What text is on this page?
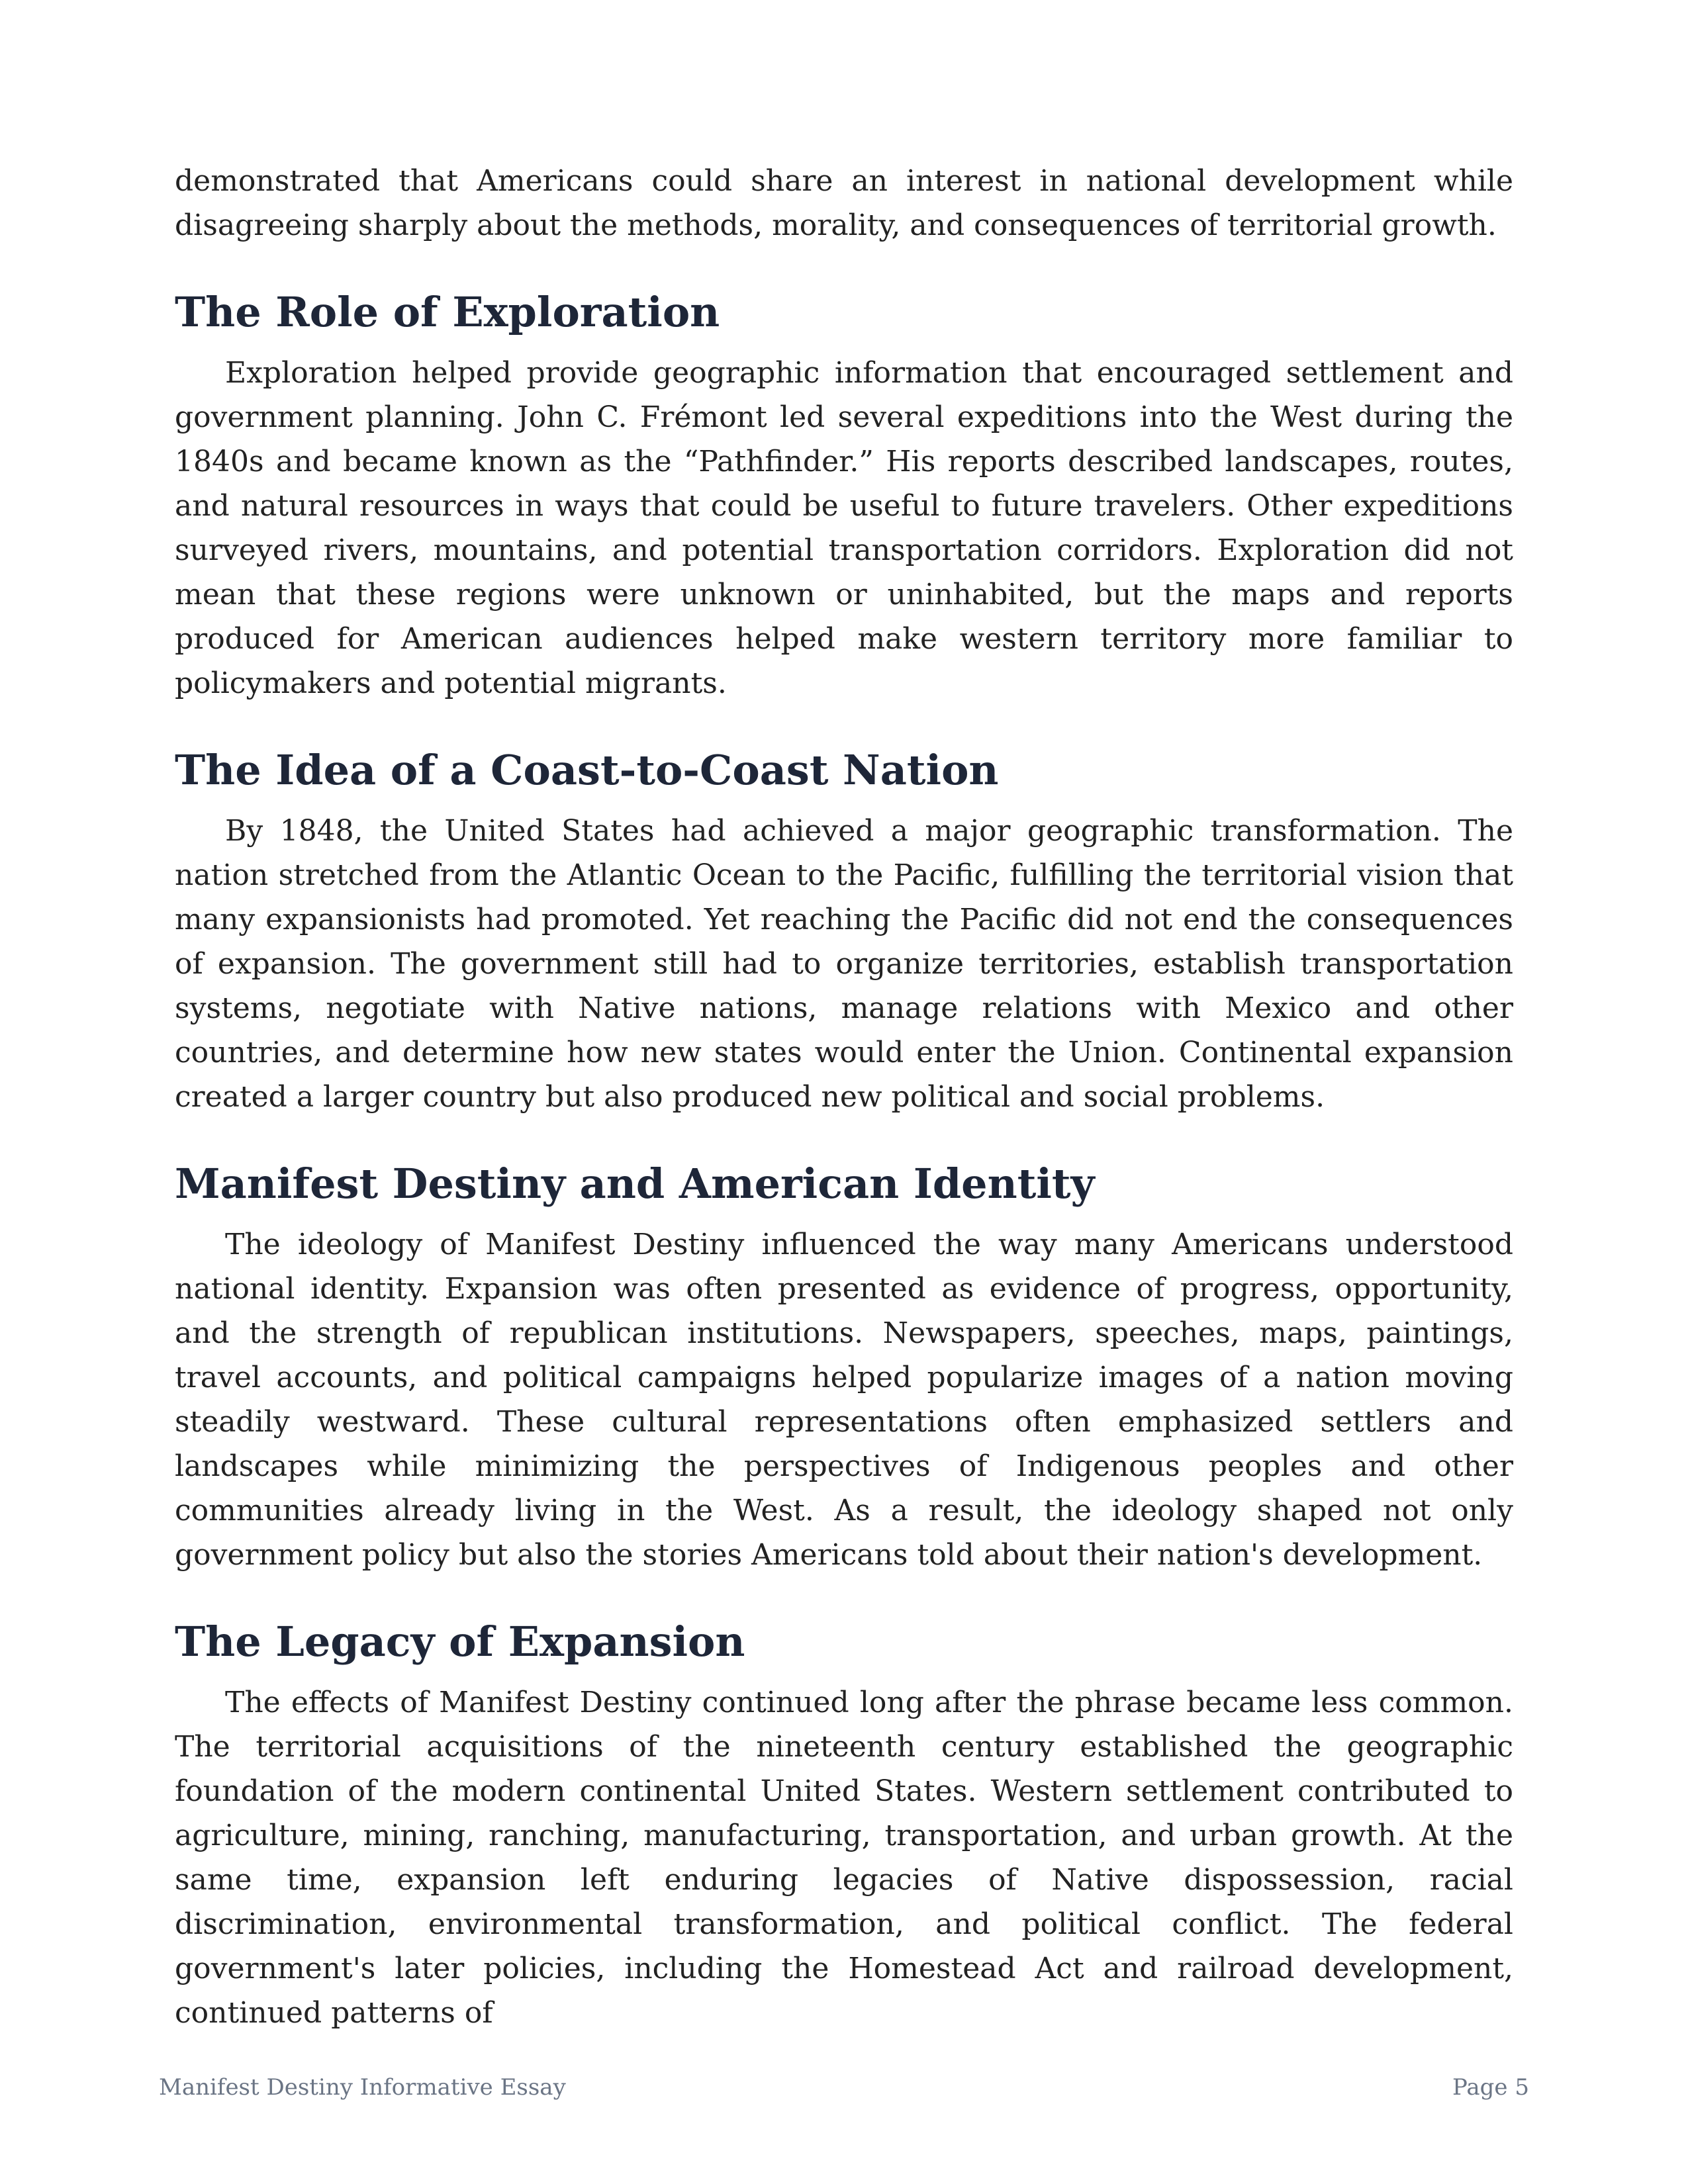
demonstrated that Americans could share an interest in national development while disagreeing sharply about the methods, morality, and consequences of territorial growth.

The Role of Exploration

Exploration helped provide geographic information that encouraged settlement and government planning. John C. Frémont led several expeditions into the West during the 1840s and became known as the “Pathfinder.” His reports described landscapes, routes, and natural resources in ways that could be useful to future travelers. Other expeditions surveyed rivers, mountains, and potential transportation corridors. Exploration did not mean that these regions were unknown or uninhabited, but the maps and reports produced for American audiences helped make western territory more familiar to policymakers and potential migrants.

The Idea of a Coast-to-Coast Nation

By 1848, the United States had achieved a major geographic transformation. The nation stretched from the Atlantic Ocean to the Pacific, fulfilling the territorial vision that many expansionists had promoted. Yet reaching the Pacific did not end the consequences of expansion. The government still had to organize territories, establish transportation systems, negotiate with Native nations, manage relations with Mexico and other countries, and determine how new states would enter the Union. Continental expansion created a larger country but also produced new political and social problems.

Manifest Destiny and American Identity

The ideology of Manifest Destiny influenced the way many Americans understood national identity. Expansion was often presented as evidence of progress, opportunity, and the strength of republican institutions. Newspapers, speeches, maps, paintings, travel accounts, and political campaigns helped popularize images of a nation moving steadily westward. These cultural representations often emphasized settlers and landscapes while minimizing the perspectives of Indigenous peoples and other communities already living in the West. As a result, the ideology shaped not only government policy but also the stories Americans told about their nation's development.

The Legacy of Expansion

The effects of Manifest Destiny continued long after the phrase became less common. The territorial acquisitions of the nineteenth century established the geographic foundation of the modern continental United States. Western settlement contributed to agriculture, mining, ranching, manufacturing, transportation, and urban growth. At the same time, expansion left enduring legacies of Native dispossession, racial discrimination, environmental transformation, and political conflict. The federal government's later policies, including the Homestead Act and railroad development, continued patterns of

Manifest Destiny Informative Essay	Page 5
